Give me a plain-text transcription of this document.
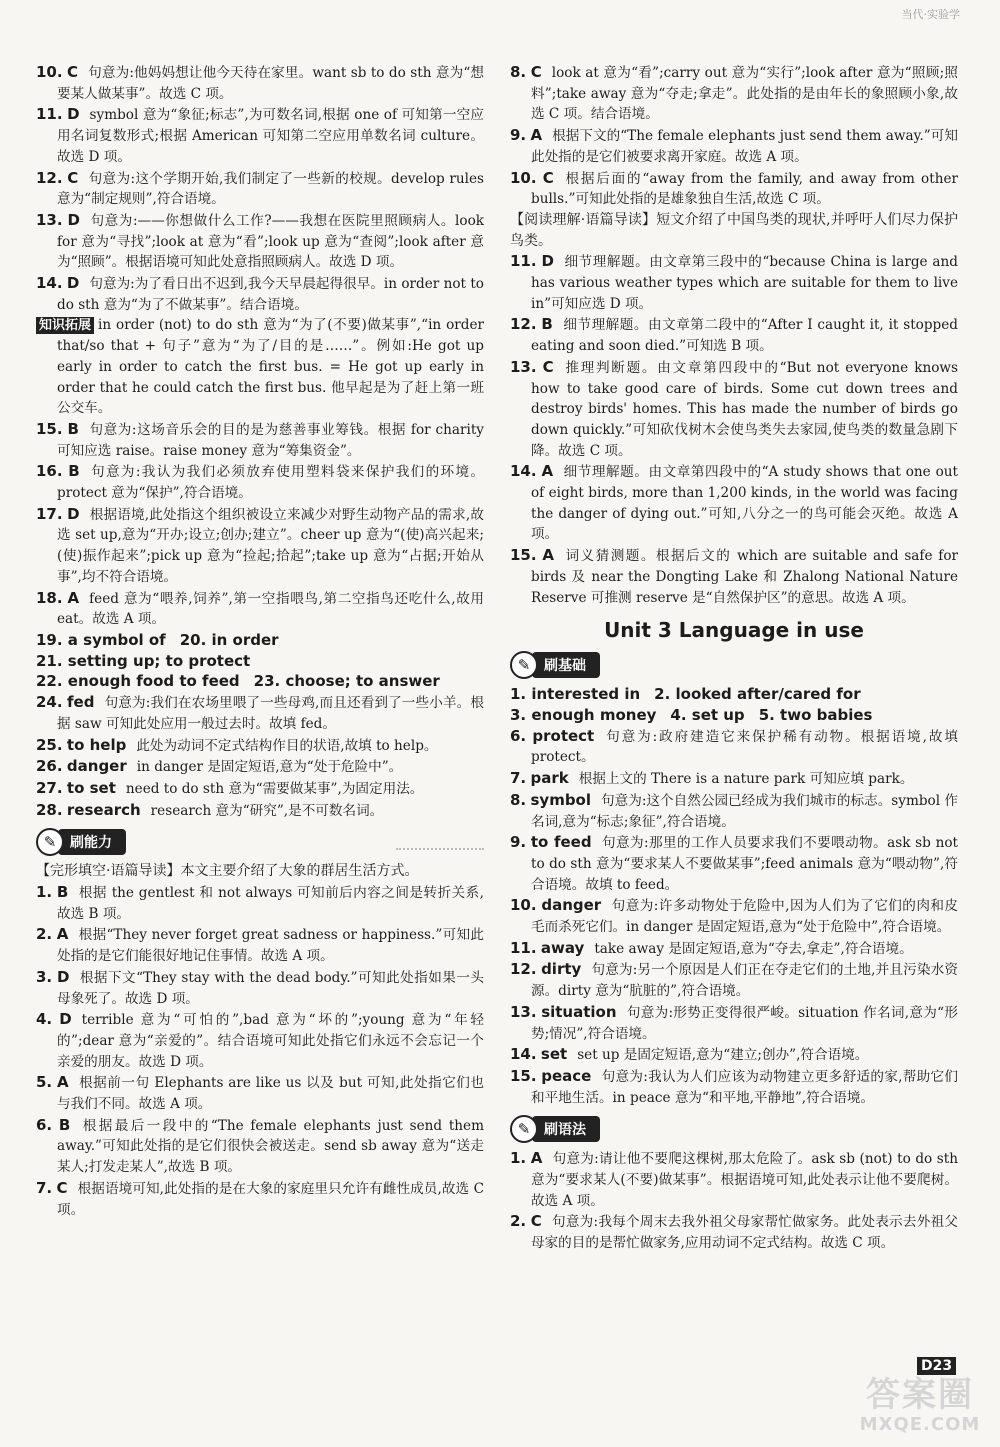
当代·实验学

10. C 句意为:他妈妈想让他今天待在家里。want sb to do sth 意为“想要某人做某事”。故选 C 项。

11. D symbol 意为“象征;标志”,为可数名词,根据 one of 可知第一空应用名词复数形式;根据 American 可知第二空应用单数名词 culture。故选 D 项。

12. C 句意为:这个学期开始,我们制定了一些新的校规。develop rules 意为“制定规则”,符合语境。

13. D 句意为:——你想做什么工作?——我想在医院里照顾病人。look for 意为“寻找”;look at 意为“看”;look up 意为“查阅”;look after 意为“照顾”。根据语境可知此处意指照顾病人。故选 D 项。

14. D 句意为:为了看日出不迟到,我今天早晨起得很早。in order not to do sth 意为“为了不做某事”。结合语境。

知识拓展 in order (not) to do sth 意为“为了(不要)做某事”,“in order that/so that + 句子”意为“为了/目的是……”。例如:He got up early in order to catch the first bus. = He got up early in order that he could catch the first bus. 他早起是为了赶上第一班公交车。

15. B 句意为:这场音乐会的目的是为慈善事业筹钱。根据 for charity 可知应选 raise。raise money 意为“筹集资金”。

16. B 句意为:我认为我们必须放弃使用塑料袋来保护我们的环境。protect 意为“保护”,符合语境。

17. D 根据语境,此处指这个组织被设立来减少对野生动物产品的需求,故选 set up,意为“开办;设立;创办;建立”。cheer up 意为“(使)高兴起来;(使)振作起来”;pick up 意为“捡起;拾起”;take up 意为“占据;开始从事”,均不符合语境。

18. A feed 意为“喂养,饲养”,第一空指喂鸟,第二空指鸟还吃什么,故用 eat。故选 A 项。

19. a symbol of 20. in order

21. setting up; to protect

22. enough food to feed 23. choose; to answer

24. fed 句意为:我们在农场里喂了一些母鸡,而且还看到了一些小羊。根据 saw 可知此处应用一般过去时。故填 fed。

25. to help 此处为动词不定式结构作目的状语,故填 to help。

26. danger in danger 是固定短语,意为“处于危险中”。

27. to set need to do sth 意为“需要做某事”,为固定用法。

28. research research 意为“研究”,是不可数名词。

✎ 刷能力

【完形填空·语篇导读】本文主要介绍了大象的群居生活方式。

1. B 根据 the gentlest 和 not always 可知前后内容之间是转折关系,故选 B 项。

2. A 根据“They never forget great sadness or happiness.”可知此处指的是它们能很好地记住事情。故选 A 项。

3. D 根据下文“They stay with the dead body.”可知此处指如果一头母象死了。故选 D 项。

4. D terrible 意为“可怕的”,bad 意为“坏的”;young 意为“年轻的”;dear 意为“亲爱的”。结合语境可知此处指它们永远不会忘记一个亲爱的朋友。故选 D 项。

5. A 根据前一句 Elephants are like us 以及 but 可知,此处指它们也与我们不同。故选 A 项。

6. B 根据最后一段中的“The female elephants just send them away.”可知此处指的是它们很快会被送走。send sb away 意为“送走某人;打发走某人”,故选 B 项。

7. C 根据语境可知,此处指的是在大象的家庭里只允许有雌性成员,故选 C 项。

8. C look at 意为“看”;carry out 意为“实行”;look after 意为“照顾;照料”;take away 意为“夺走;拿走”。此处指的是由年长的象照顾小象,故选 C 项。结合语境。

9. A 根据下文的“The female elephants just send them away.”可知此处指的是它们被要求离开家庭。故选 A 项。

10. C 根据后面的“away from the family, and away from other bulls.”可知此处指的是雄象独自生活,故选 C 项。

【阅读理解·语篇导读】短文介绍了中国鸟类的现状,并呼吁人们尽力保护鸟类。

11. D 细节理解题。由文章第三段中的“because China is large and has various weather types which are suitable for them to live in”可知应选 D 项。

12. B 细节理解题。由文章第二段中的“After I caught it, it stopped eating and soon died.”可知选 B 项。

13. C 推理判断题。由文章第四段中的“But not everyone knows how to take good care of birds. Some cut down trees and destroy birds' homes. This has made the number of birds go down quickly.”可知砍伐树木会使鸟类失去家园,使鸟类的数量急剧下降。故选 C 项。

14. A 细节理解题。由文章第四段中的“A study shows that one out of eight birds, more than 1,200 kinds, in the world was facing the danger of dying out.”可知,八分之一的鸟可能会灭绝。故选 A 项。

15. A 词义猜测题。根据后文的 which are suitable and safe for birds 及 near the Dongting Lake 和 Zhalong National Nature Reserve 可推测 reserve 是“自然保护区”的意思。故选 A 项。

Unit 3 Language in use
✎ 刷基础

1. interested in 2. looked after/cared for

3. enough money 4. set up 5. two babies

6. protect 句意为:政府建造它来保护稀有动物。根据语境,故填 protect。

7. park 根据上文的 There is a nature park 可知应填 park。

8. symbol 句意为:这个自然公园已经成为我们城市的标志。symbol 作名词,意为“标志;象征”,符合语境。

9. to feed 句意为:那里的工作人员要求我们不要喂动物。ask sb not to do sth 意为“要求某人不要做某事”;feed animals 意为“喂动物”,符合语境。故填 to feed。

10. danger 句意为:许多动物处于危险中,因为人们为了它们的肉和皮毛而杀死它们。in danger 是固定短语,意为“处于危险中”,符合语境。

11. away take away 是固定短语,意为“夺去,拿走”,符合语境。

12. dirty 句意为:另一个原因是人们正在夺走它们的土地,并且污染水资源。dirty 意为“肮脏的”,符合语境。

13. situation 句意为:形势正变得很严峻。situation 作名词,意为“形势;情况”,符合语境。

14. set set up 是固定短语,意为“建立;创办”,符合语境。

15. peace 句意为:我认为人们应该为动物建立更多舒适的家,帮助它们和平地生活。in peace 意为“和平地,平静地”,符合语境。

✎ 刷语法

1. A 句意为:请让他不要爬这棵树,那太危险了。ask sb (not) to do sth 意为“要求某人(不要)做某事”。根据语境可知,此处表示让他不要爬树。故选 A 项。

2. C 句意为:我每个周末去我外祖父母家帮忙做家务。此处表示去外祖父母家的目的是帮忙做家务,应用动词不定式结构。故选 C 项。

D23
答案圈
MXQE.COM
